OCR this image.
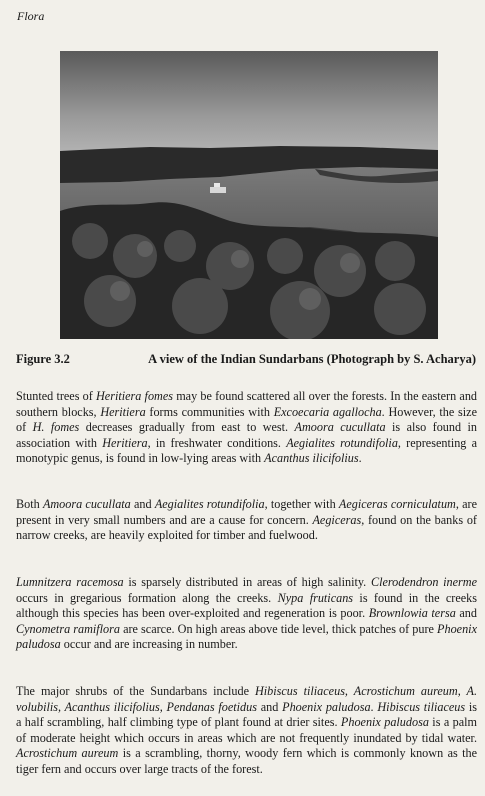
Flora
Figure 3.2	A view of the Indian Sundarbans (Photograph by S. Acharya)

Stunted trees of Heritiera fomes may be found scattered all over the forests. In the eastern and southern blocks, Heritiera forms communities with Excoecaria agallocha. However, the size of H. fomes decreases gradually from east to west. Amoora cucullata is also found in association with Heritiera, in freshwater conditions. Aegialites rotundifolia, representing a monotypic genus, is found in low-lying areas with Acanthus ilicifolius.

Both Amoora cucullata and Aegialites rotundifolia, together with Aegiceras corniculatum, are present in very small numbers and are a cause for concern. Aegiceras, found on the banks of narrow creeks, are heavily exploited for timber and fuelwood.

Lumnitzera racemosa is sparsely distributed in areas of high salinity. Clerodendron inerme occurs in gregarious formation along the creeks. Nypa fruticans is found in the creeks although this species has been over-exploited and regeneration is poor. Brownlowia tersa and Cynometra ramiflora are scarce. On high areas above tide level, thick patches of pure Phoenix paludosa occur and are increasing in number.

The major shrubs of the Sundarbans include Hibiscus tiliaceus, Acrostichum aureum, A. volubilis, Acanthus ilicifolius, Pendanas foetidus and Phoenix paludosa. Hibiscus tiliaceus is a half scrambling, half climbing type of plant found at drier sites. Phoenix paludosa is a palm of moderate height which occurs in areas which are not frequently inundated by tidal water. Acrostichum aureum is a scrambling, thorny, woody fern which is commonly known as the tiger fern and occurs over large tracts of the forest.
